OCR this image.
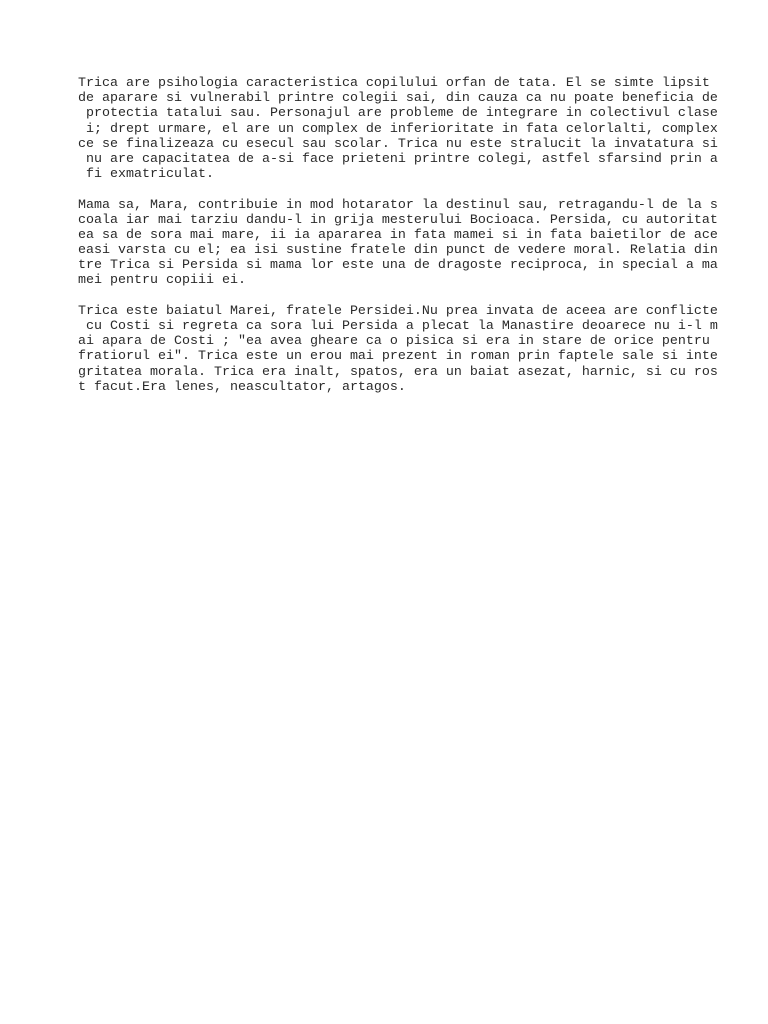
Trica are psihologia caracteristica copilului orfan de tata. El se simte lipsit
de aparare si vulnerabil printre colegii sai, din cauza ca nu poate beneficia de
protectia tatalui sau. Personajul are probleme de integrare in colectivul clase
i; drept urmare, el are un complex de inferioritate in fata celorlalti, complex
ce se finalizeaza cu esecul sau scolar. Trica nu este stralucit la invatatura si
nu are capacitatea de a-si face prieteni printre colegi, astfel sfarsind prin a
fi exmatriculat.
Mama sa, Mara, contribuie in mod hotarator la destinul sau, retragandu-l de la s
coala iar mai tarziu dandu-l in grija mesterului Bocioaca. Persida, cu autoritat
ea sa de sora mai mare, ii ia apararea in fata mamei si in fata baietilor de ace
easi varsta cu el; ea isi sustine fratele din punct de vedere moral. Relatia din
tre Trica si Persida si mama lor este una de dragoste reciproca, in special a ma
mei pentru copiii ei.
Trica este baiatul Marei, fratele Persidei.Nu prea invata de aceea are conflicte
cu Costi si regreta ca sora lui Persida a plecat la Manastire deoarece nu i-l m
ai apara de Costi ; "ea avea gheare ca o pisica si era in stare de orice pentru
fratiorul ei". Trica este un erou mai prezent in roman prin faptele sale si inte
gritatea morala. Trica era inalt, spatos, era un baiat asezat, harnic, si cu ros
t facut.Era lenes, neascultator, artagos.
